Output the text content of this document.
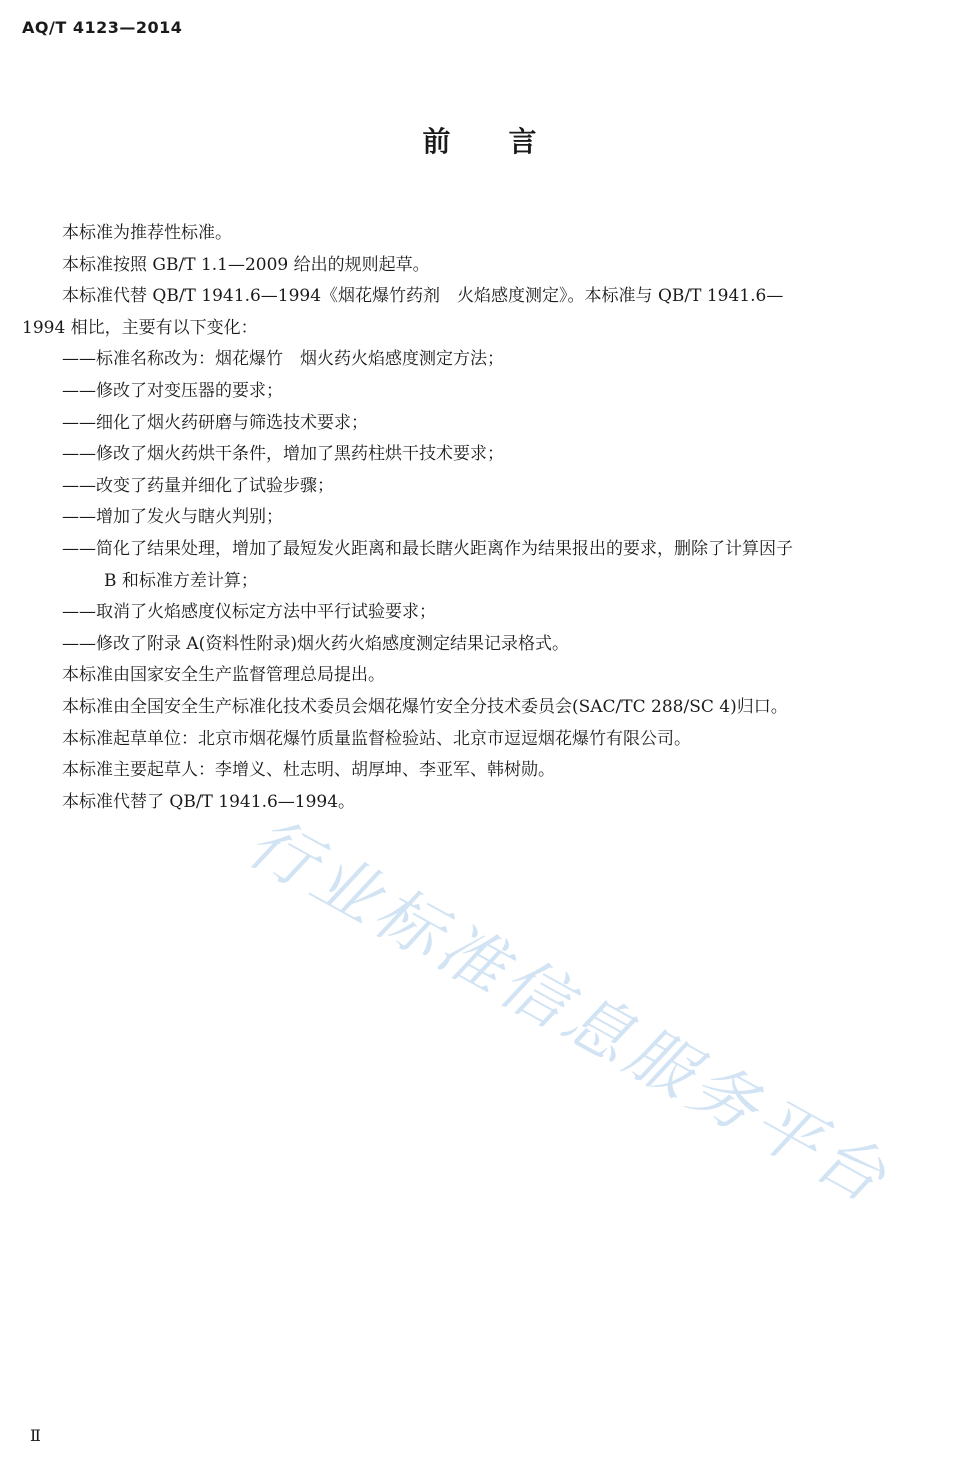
AQ/T 4123—2014
前 言

本标准为推荐性标准。

本标准按照 GB/T 1.1—2009 给出的规则起草。

本标准代替 QB/T 1941.6—1994《烟花爆竹药剂　火焰感度测定》。本标准与 QB/T 1941.6—

1994 相比，主要有以下变化：

——标准名称改为：烟花爆竹　烟火药火焰感度测定方法；

——修改了对变压器的要求；

——细化了烟火药研磨与筛选技术要求；

——修改了烟火药烘干条件，增加了黑药柱烘干技术要求；

——改变了药量并细化了试验步骤；

——增加了发火与瞎火判别；

——简化了结果处理，增加了最短发火距离和最长瞎火距离作为结果报出的要求，删除了计算因子

B 和标准方差计算；

——取消了火焰感度仪标定方法中平行试验要求；

——修改了附录 A(资料性附录)烟火药火焰感度测定结果记录格式。

本标准由国家安全生产监督管理总局提出。

本标准由全国安全生产标准化技术委员会烟花爆竹安全分技术委员会(SAC/TC 288/SC 4)归口。

本标准起草单位：北京市烟花爆竹质量监督检验站、北京市逗逗烟花爆竹有限公司。

本标准主要起草人：李增义、杜志明、胡厚坤、李亚军、韩树勋。

本标准代替了 QB/T 1941.6—1994。

行业标准信息服务平台
Ⅱ
